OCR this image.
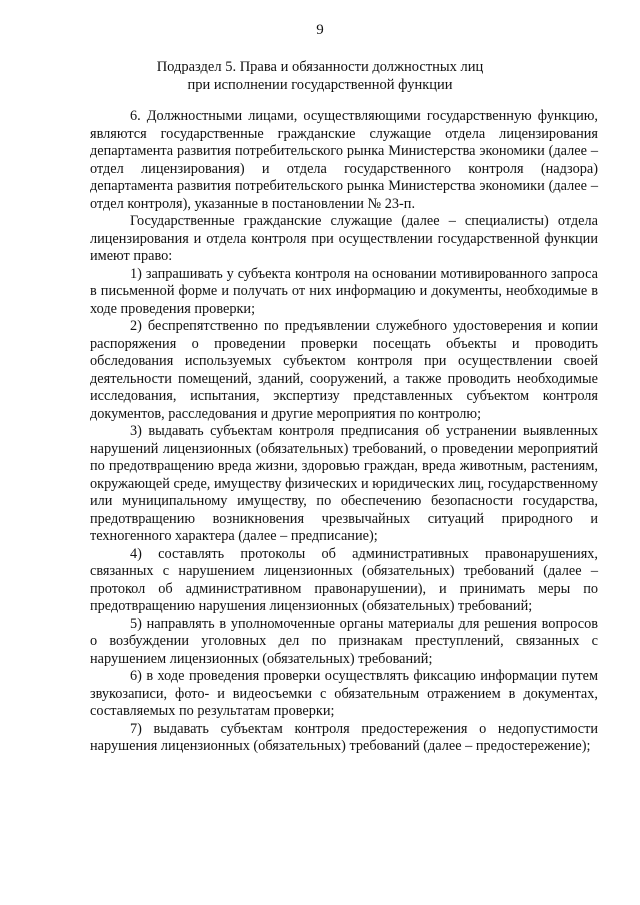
9
Подраздел 5. Права и обязанности должностных лиц
при исполнении государственной функции

6. Должностными лицами, осуществляющими государственную функцию, являются государственные гражданские служащие отдела лицензирования департамента развития потребительского рынка Министерства экономики (далее – отдел лицензирования) и отдела государственного контроля (надзора) департамента развития потребительского рынка Министерства экономики (далее – отдел контроля), указанные в постановлении № 23-п.

Государственные гражданские служащие (далее – специалисты) отдела лицензирования и отдела контроля при осуществлении государственной функции имеют право:

1) запрашивать у субъекта контроля на основании мотивированного запроса в письменной форме и получать от них информацию и документы, необходимые в ходе проведения проверки;

2) беспрепятственно по предъявлении служебного удостоверения и копии распоряжения о проведении проверки посещать объекты и проводить обследования используемых субъектом контроля при осуществлении своей деятельности помещений, зданий, сооружений, а также проводить необходимые исследования, испытания, экспертизу представленных субъектом контроля документов, расследования и другие мероприятия по контролю;

3) выдавать субъектам контроля предписания об устранении выявленных нарушений лицензионных (обязательных) требований, о проведении мероприятий по предотвращению вреда жизни, здоровью граждан, вреда животным, растениям, окружающей среде, имуществу физических и юридических лиц, государственному или муниципальному имуществу, по обеспечению безопасности государства, предотвращению возникновения чрезвычайных ситуаций природного и техногенного характера (далее – предписание);

4) составлять протоколы об административных правонарушениях, связанных с нарушением лицензионных (обязательных) требований (далее – протокол об административном правонарушении), и принимать меры по предотвращению нарушения лицензионных (обязательных) требований;

5) направлять в уполномоченные органы материалы для решения вопросов о возбуждении уголовных дел по признакам преступлений, связанных с нарушением лицензионных (обязательных) требований;

6) в ходе проведения проверки осуществлять фиксацию информации путем звукозаписи, фото- и видеосъемки с обязательным отражением в документах, составляемых по результатам проверки;

7) выдавать субъектам контроля предостережения о недопустимости нарушения лицензионных (обязательных) требований (далее – предостережение);
